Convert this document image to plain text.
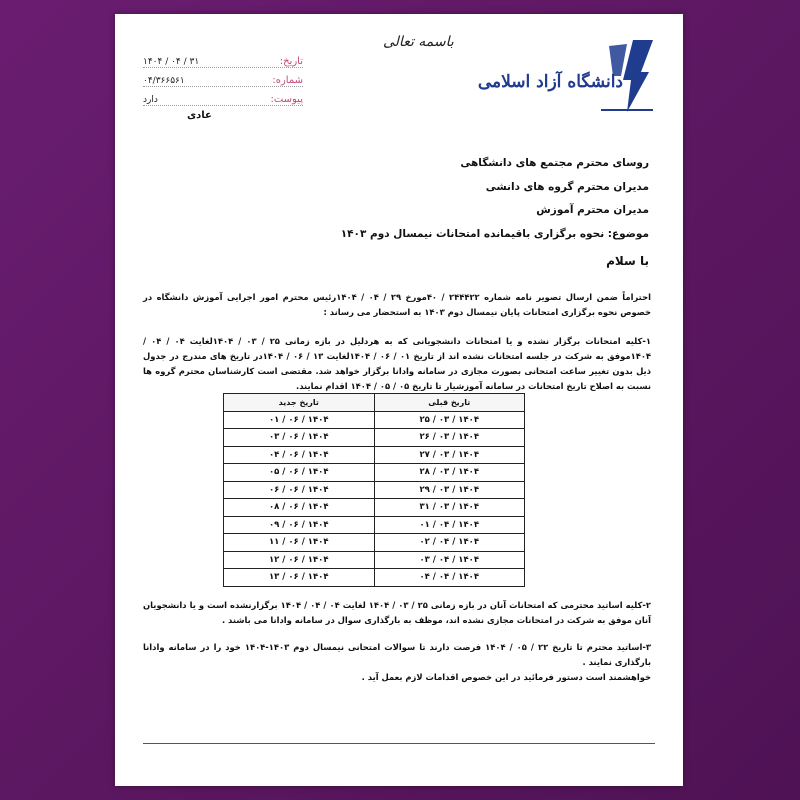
دانشگاه آزاد اسلامی
باسمه تعالی
تاریخ:
۱۴۰۴ / ۰۴ / ۳۱
شماره:
۰۴/۳۶۶۵۶۱
پیوست:
دارد
عادی
روسای محترم مجتمع های دانشگاهی
مدیران محترم گروه های دانشی
مدیران محترم آموزش
موضوع: نحوه برگزاری باقیمانده امتحانات نیمسال دوم ۱۴۰۳
با سلام
احتراماً ضمن ارسال تصویر نامه شماره ۲۴۴۴۲۲ / ۴۰مورخ ۲۹ / ۰۴ / ۱۴۰۴رئیس محترم امور اجرایی آموزش دانشگاه در خصوص نحوه برگزاری امتحانات پایان نیمسال دوم ۱۴۰۳ به استحضار می رساند :
۱-کلیه امتحانات برگزار نشده و یا امتحانات دانشجویانی که به هردلیل در بازه زمانی ۲۵ / ۰۳ / ۱۴۰۴لغایت ۰۴ / ۰۴ / ۱۴۰۴موفق به شرکت در جلسه امتحانات نشده اند از تاریخ ۰۱ / ۰۶ / ۱۴۰۴لغایت ۱۳ / ۰۶ / ۱۴۰۴در تاریخ های مندرج در جدول ذیل بدون تغییر ساعت امتحانی بصورت مجازی در سامانه وادانا برگزار خواهد شد. مقتضی است کارشناسان محترم گروه ها نسبت به اصلاح تاریخ امتحانات در سامانه آموزشیار تا تاریخ ۰۵ / ۰۵ / ۱۴۰۴ اقدام نمایند.
تاریخ قبلی	تاریخ جدید
۲۵ / ۰۳ / ۱۴۰۴	۰۱ / ۰۶ / ۱۴۰۴
۲۶ / ۰۳ / ۱۴۰۴	۰۳ / ۰۶ / ۱۴۰۴
۲۷ / ۰۳ / ۱۴۰۴	۰۴ / ۰۶ / ۱۴۰۴
۲۸ / ۰۳ / ۱۴۰۴	۰۵ / ۰۶ / ۱۴۰۴
۲۹ / ۰۳ / ۱۴۰۴	۰۶ / ۰۶ / ۱۴۰۴
۳۱ / ۰۳ / ۱۴۰۴	۰۸ / ۰۶ / ۱۴۰۴
۰۱ / ۰۴ / ۱۴۰۴	۰۹ / ۰۶ / ۱۴۰۴
۰۲ / ۰۴ / ۱۴۰۴	۱۱ / ۰۶ / ۱۴۰۴
۰۳ / ۰۴ / ۱۴۰۴	۱۲ / ۰۶ / ۱۴۰۴
۰۴ / ۰۴ / ۱۴۰۴	۱۳ / ۰۶ / ۱۴۰۴
۲-کلیه اساتید محترمی که امتحانات آنان در بازه زمانی ۲۵ / ۰۳ / ۱۴۰۴ لغایت ۰۴ / ۰۴ / ۱۴۰۴ برگزارنشده است و یا دانشجویان آنان موفق به شرکت در امتحانات مجازی نشده اند، موظف به بارگذاری سوال در سامانه وادانا می باشند .
۳-اساتید محترم تا تاریخ ۲۲ / ۰۵ / ۱۴۰۴ فرصت دارند تا سوالات امتحانی نیمسال دوم ۱۴۰۳-۱۴۰۴ خود را در سامانه وادانا بارگذاری نمایند .
خواهشمند است دستور فرمائید در این خصوص اقدامات لازم بعمل آید .
